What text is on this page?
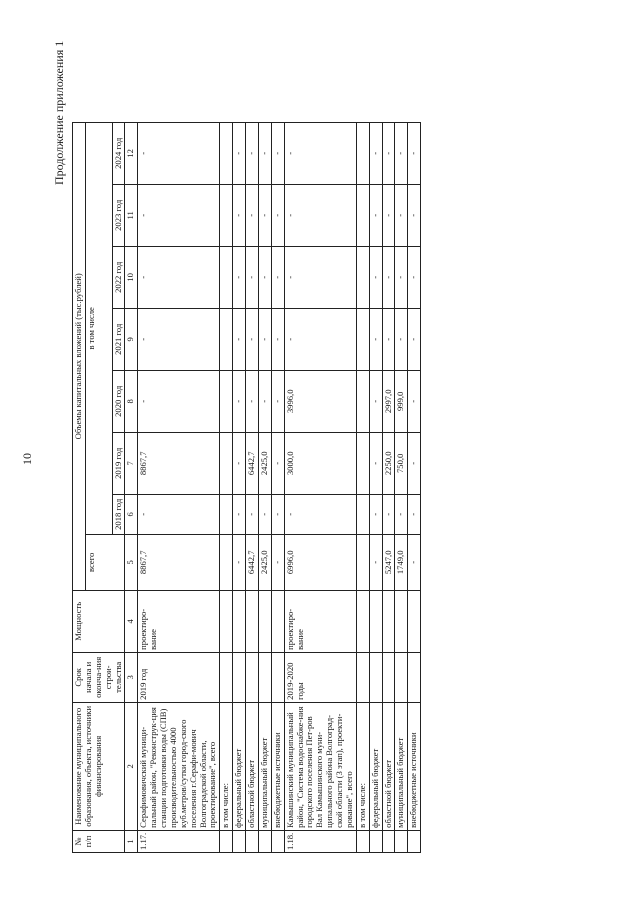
10
Продолжение приложения 1
№ п/п	Наименование муниципального образования, объекта, источники финансирования	Срок начала и оконча-ния строи-тельства	Мощность	Объемы капитальных вложений (тыс.рублей)							
				всего	в том числе						
					2018 год	2019 год	2020 год	2021 год	2022 год	2023 год	2024 год
1	2	3	4	5	6	7	8	9	10	11	12
1.17.	Серафимовичский муници-пальный район, "Реконструк-ция станции подготовки воды (СПВ) производительностью 4000 куб.метров/сутки город-ского поселения г.Серафи-мович Волгоградской области, проектирование", всего	2019 год	проектиро-вание	8867,7	-	8867,7	-	-	-	-	-
	в том числе:										
	федеральный бюджет			-	-	-	-	-	-	-	-
	областной бюджет			6442,7	-	6442,7	-	-	-	-	-
	муниципальный бюджет			2425,0	-	2425,0	-	-	-	-	-
	внебюджетные источники			-	-	-	-	-	-	-	-
1.18.	Камышинский муниципальный район, "Система водоснабже-ния городского поселения Пет-ров Вал Камышинского муни-ципального района Волгоград-ской области (3 этап), проекти-рование", всего	2019-2020 годы	проектиро-вание	6996,0	-	3000,0	3996,0	-	-	-	-
	в том числе:										
	федеральный бюджет			-	-	-	-	-	-	-	-
	областной бюджет			5247,0	-	2250,0	2997,0	-	-	-	-
	муниципальный бюджет			1749,0	-	750,0	999,0	-	-	-	-
	внебюджетные источники			-	-	-	-	-	-	-	-
